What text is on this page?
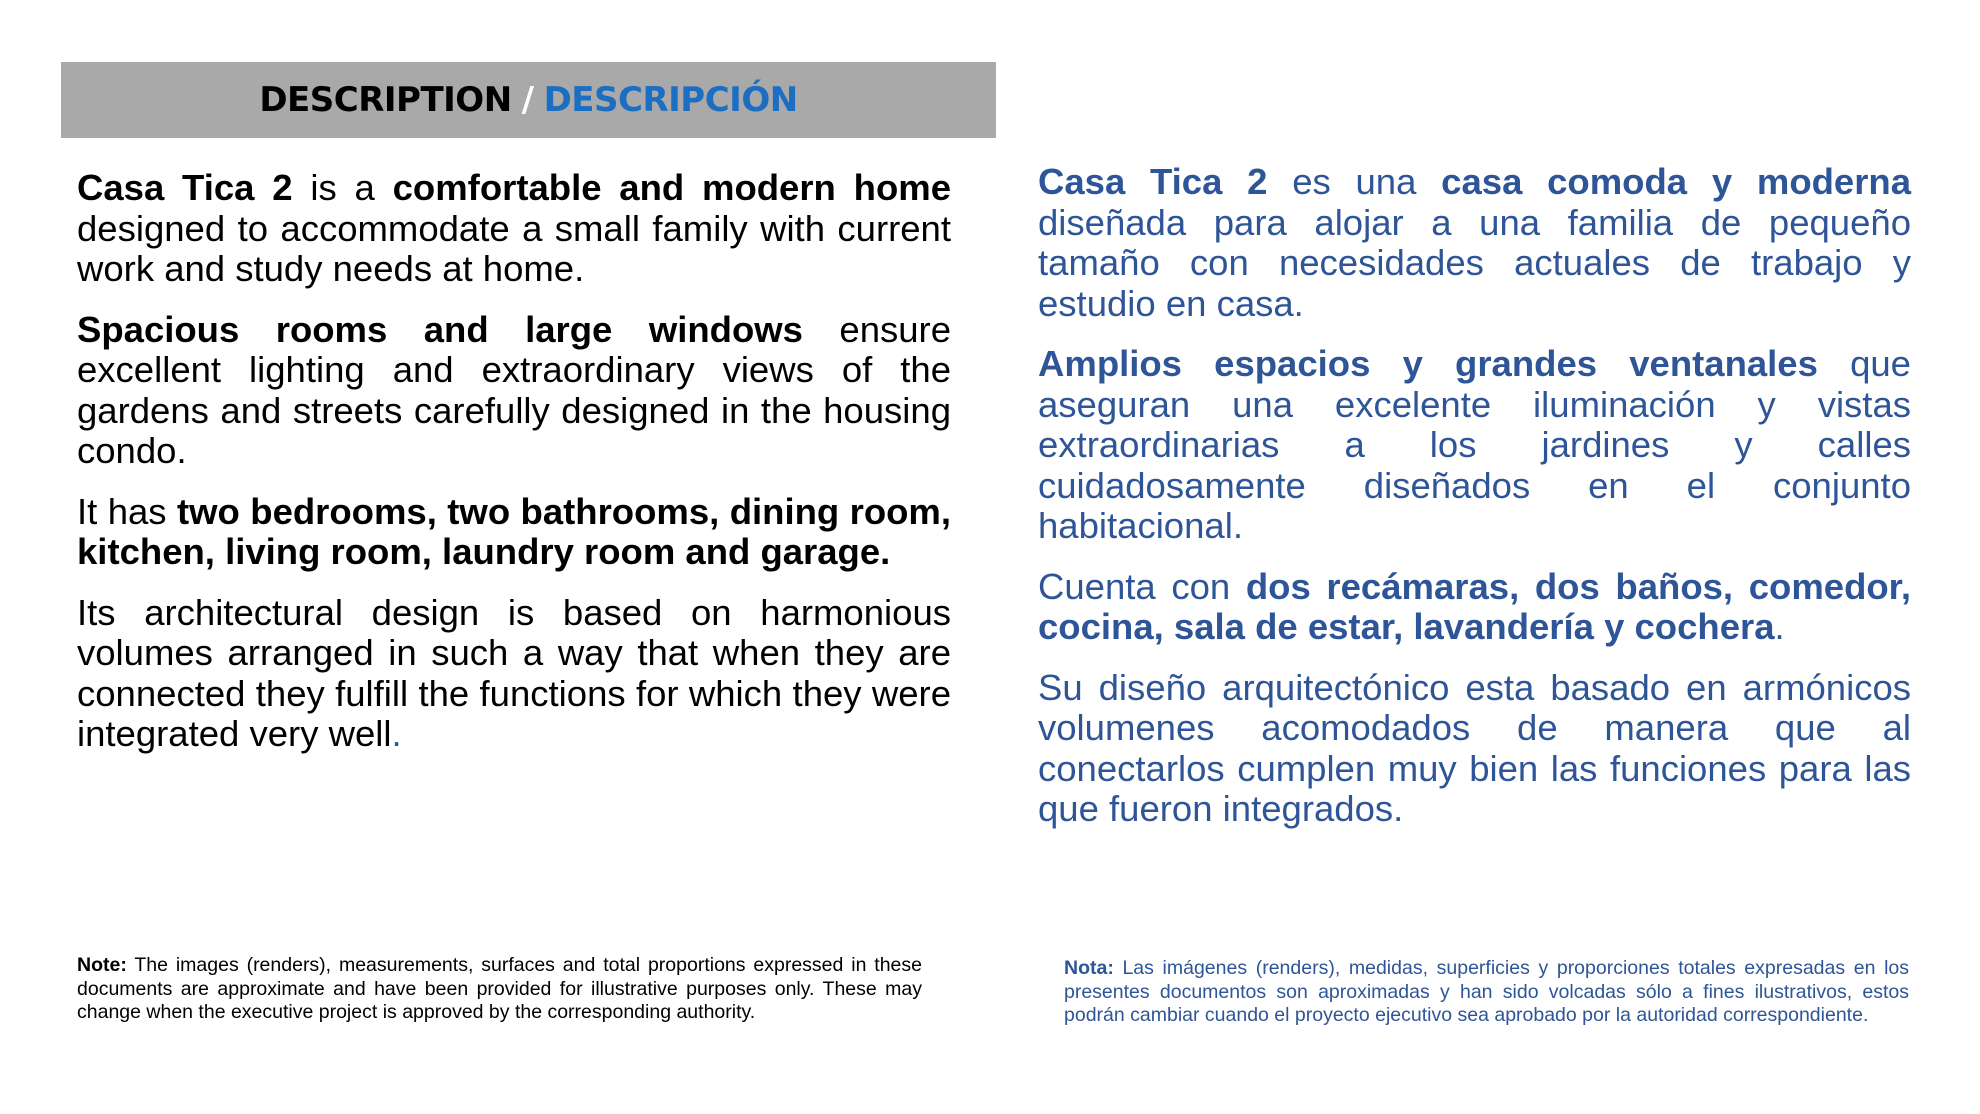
DESCRIPTION / DESCRIPCIÓN

Casa Tica 2 is a comfortable and modern home designed to accommodate a small family with current work and study needs at home.

Spacious rooms and large windows ensure excellent lighting and extraordinary views of the gardens and streets carefully designed in the housing condo.

It has two bedrooms, two bathrooms, dining room, kitchen, living room, laundry room and garage.

Its architectural design is based on harmonious volumes arranged in such a way that when they are connected they fulfill the functions for which they were integrated very well.

Casa Tica 2 es una casa comoda y moderna diseñada para alojar a una familia de pequeño tamaño con necesidades actuales de trabajo y estudio en casa.

Amplios espacios y grandes ventanales que aseguran una excelente iluminación y vistas extraordinarias a los jardines y calles cuidadosamente diseñados en el conjunto habitacional.

Cuenta con dos recámaras, dos baños, comedor, cocina, sala de estar, lavandería y cochera.

Su diseño arquitectónico esta basado en armónicos volumenes acomodados de manera que al conectarlos cumplen muy bien las funciones para las que fueron integrados.

Note: The images (renders), measurements, surfaces and total proportions expressed in these documents are approximate and have been provided for illustrative purposes only. These may change when the executive project is approved by the corresponding authority.

Nota: Las imágenes (renders), medidas, superficies y proporciones totales expresadas en los presentes documentos son aproximadas y han sido volcadas sólo a fines ilustrativos, estos podrán cambiar cuando el proyecto ejecutivo sea aprobado por la autoridad correspondiente.
